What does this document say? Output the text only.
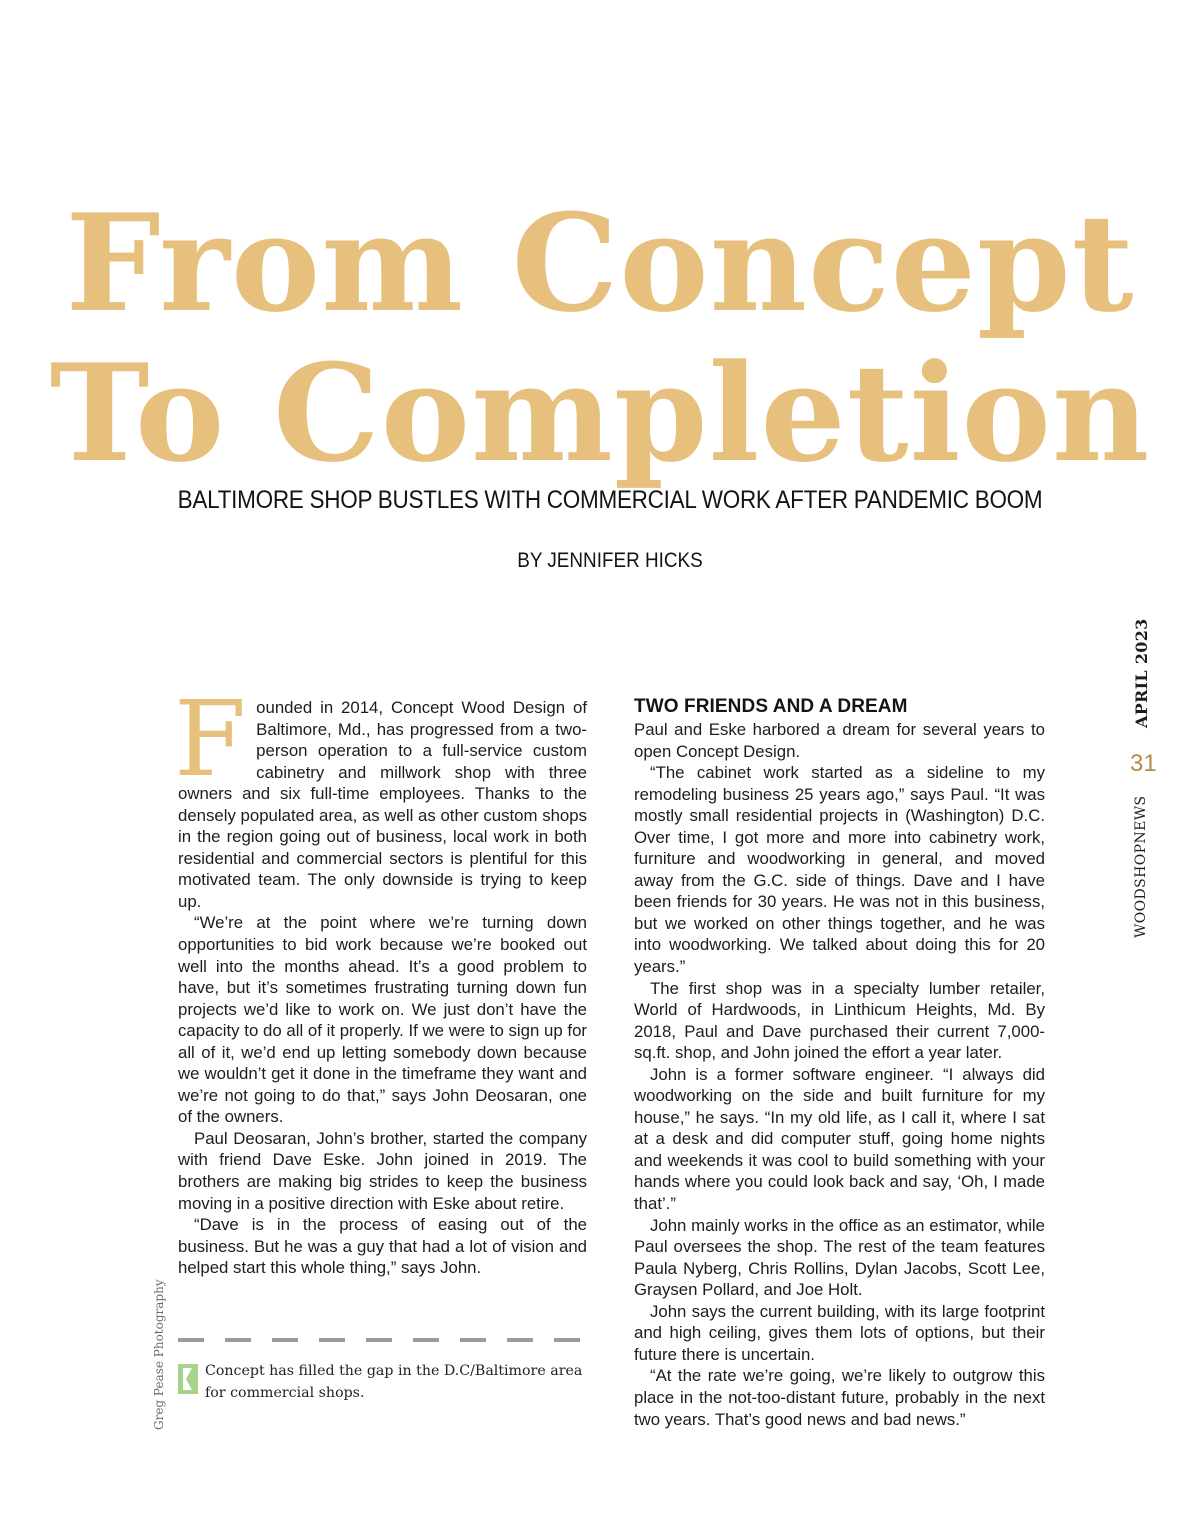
From Concept
To Completion
BALTIMORE SHOP BUSTLES WITH COMMERCIAL WORK AFTER PANDEMIC BOOM
BY JENNIFER HICKS
APRIL 2023
31
WOODSHOPNEWS

Founded in 2014, Concept Wood Design of Baltimore, Md., has progressed from a two-person operation to a full-service custom cabinetry and millwork shop with three owners and six full-time employees. Thanks to the densely populated area, as well as other custom shops in the region going out of business, local work in both residential and commercial sectors is plentiful for this motivated team. The only downside is trying to keep up.

“We’re at the point where we’re turning down opportunities to bid work because we’re booked out well into the months ahead. It’s a good problem to have, but it’s sometimes frustrating turning down fun projects we’d like to work on. We just don’t have the capacity to do all of it properly. If we were to sign up for all of it, we’d end up letting somebody down because we wouldn’t get it done in the timeframe they want and we’re not going to do that,” says John Deosaran, one of the owners.

Paul Deosaran, John’s brother, started the company with friend Dave Eske. John joined in 2019. The brothers are making big strides to keep the business moving in a positive direction with Eske about retire.

“Dave is in the process of easing out of the business. But he was a guy that had a lot of vision and helped start this whole thing,” says John.

TWO FRIENDS AND A DREAM

Paul and Eske harbored a dream for several years to open Concept Design.

“The cabinet work started as a sideline to my remodeling business 25 years ago,” says Paul. “It was mostly small residential projects in (Washington) D.C. Over time, I got more and more into cabinetry work, furniture and woodworking in general, and moved away from the G.C. side of things. Dave and I have been friends for 30 years. He was not in this business, but we worked on other things together, and he was into woodworking. We talked about doing this for 20 years.”

The first shop was in a specialty lumber retailer, World of Hardwoods, in Linthicum Heights, Md. By 2018, Paul and Dave purchased their current 7,000-sq.ft. shop, and John joined the effort a year later.

John is a former software engineer. “I always did woodworking on the side and built furniture for my house,” he says. “In my old life, as I call it, where I sat at a desk and did computer stuff, going home nights and weekends it was cool to build something with your hands where you could look back and say, ‘Oh, I made that’.”

John mainly works in the office as an estimator, while Paul oversees the shop. The rest of the team features Paula Nyberg, Chris Rollins, Dylan Jacobs, Scott Lee, Graysen Pollard, and Joe Holt.

John says the current building, with its large footprint and high ceiling, gives them lots of options, but their future there is uncertain.

“At the rate we’re going, we’re likely to outgrow this place in the not-too-distant future, probably in the next two years. That’s good news and bad news.”

Concept has filled the gap in the D.C/Baltimore area for commercial shops.
Greg Pease Photography
